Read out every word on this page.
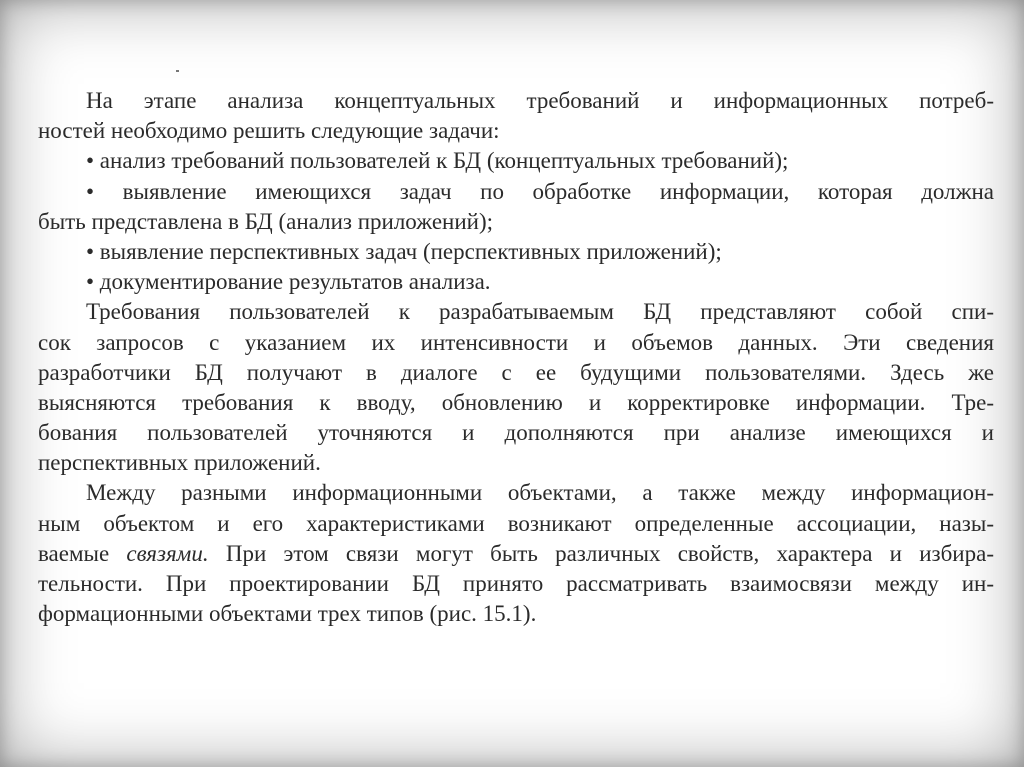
На этапе анализа концептуальных требований и информационных потреб-
ностей необходимо решить следующие задачи:
• анализ требований пользователей к БД (концептуальных требований);
• выявление имеющихся задач по обработке информации, которая должна
быть представлена в БД (анализ приложений);
• выявление перспективных задач (перспективных приложений);
• документирование результатов анализа.
Требования пользователей к разрабатываемым БД представляют собой спи-
сок запросов с указанием их интенсивности и объемов данных. Эти сведения
разработчики БД получают в диалоге с ее будущими пользователями. Здесь же
выясняются требования к вводу, обновлению и корректировке информации. Тре-
бования пользователей уточняются и дополняются при анализе имеющихся и
перспективных приложений.
Между разными информационными объектами, а также между информацион-
ным объектом и его характеристиками возникают определенные ассоциации, назы-
ваемые связями. При этом связи могут быть различных свойств, характера и избира-
тельности. При проектировании БД принято рассматривать взаимосвязи между ин-
формационными объектами трех типов (рис. 15.1).
